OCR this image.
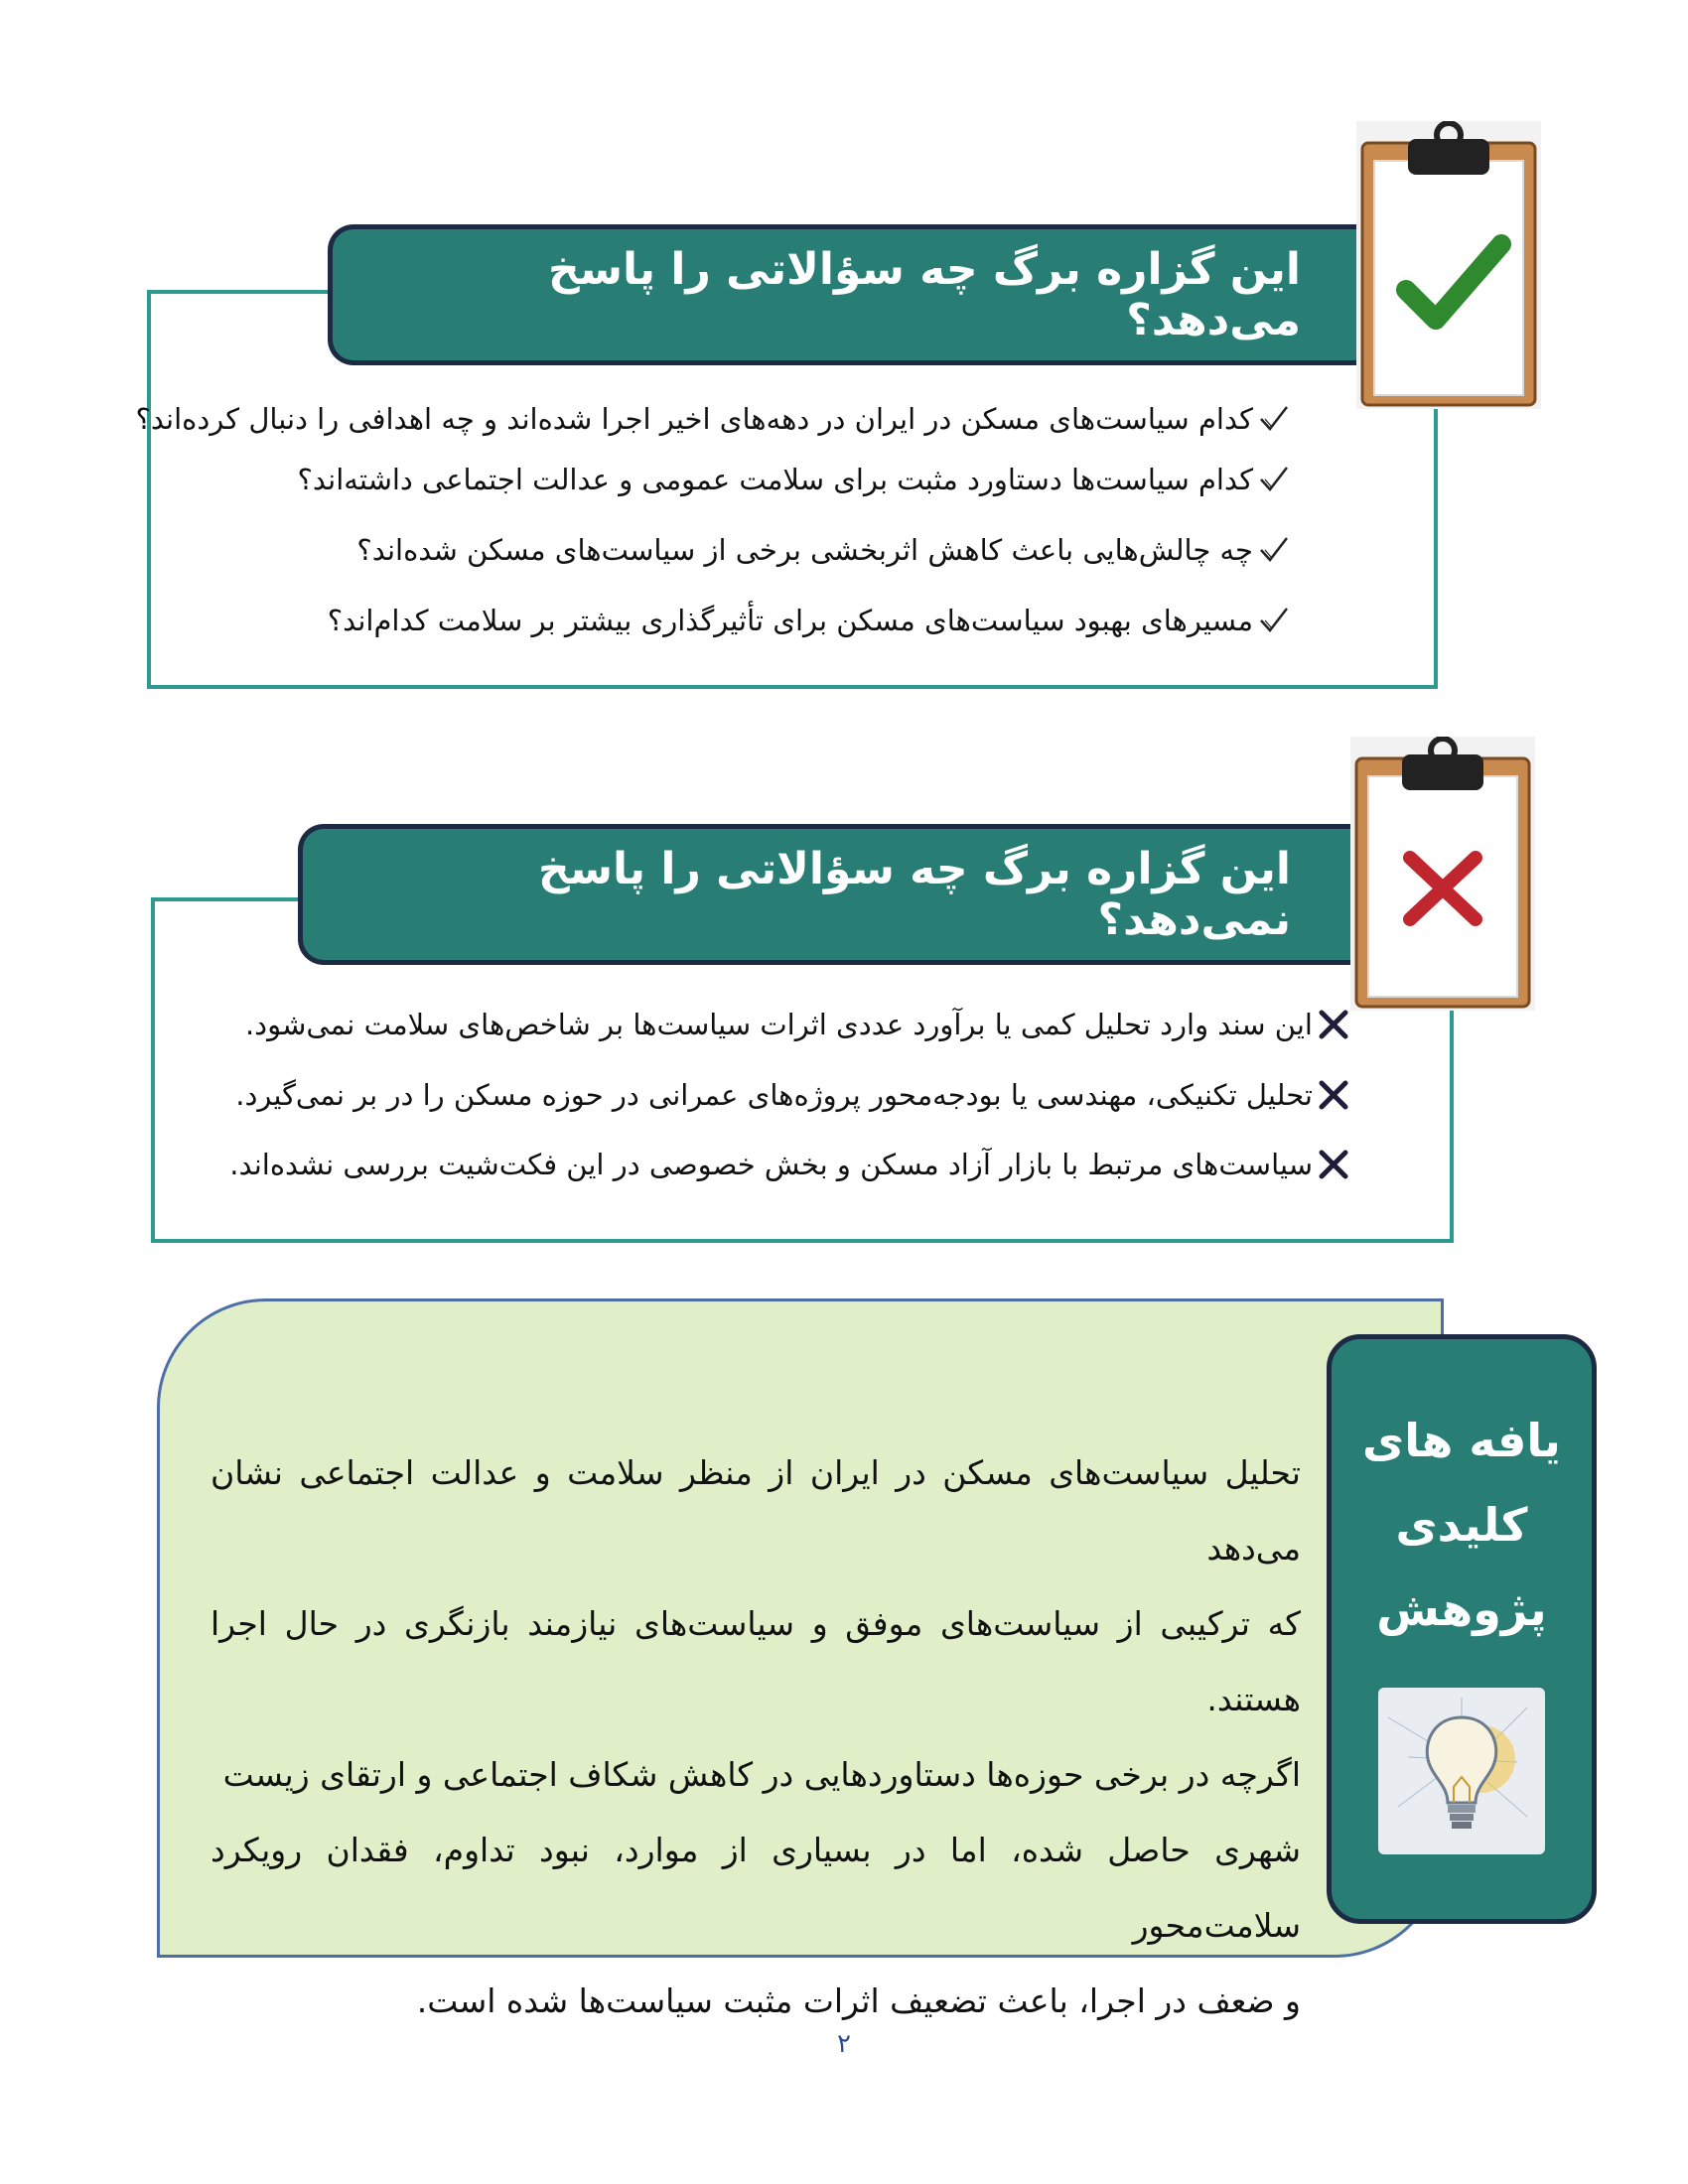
این گزاره برگ چه سؤالاتی را پاسخ می‌دهد؟
کدام سیاست‌های مسکن در ایران در دهه‌های اخیر اجرا شده‌اند و چه اهدافی را دنبال کرده‌اند؟
کدام سیاست‌ها دستاورد مثبت برای سلامت عمومی و عدالت اجتماعی داشته‌اند؟
چه چالش‌هایی باعث کاهش اثربخشی برخی از سیاست‌های مسکن شده‌اند؟
مسیرهای بهبود سیاست‌های مسکن برای تأثیرگذاری بیشتر بر سلامت کدام‌اند؟
این گزاره برگ چه سؤالاتی را پاسخ نمی‌دهد؟
این سند وارد تحلیل کمی یا برآورد عددی اثرات سیاست‌ها بر شاخص‌های سلامت نمی‌شود.
تحلیل تکنیکی، مهندسی یا بودجه‌محور پروژه‌های عمرانی در حوزه مسکن را در بر نمی‌گیرد.
سیاست‌های مرتبط با بازار آزاد مسکن و بخش خصوصی در این فکت‌شیت بررسی نشده‌اند.

تحلیل سیاست‌های مسکن در ایران از منظر سلامت و عدالت اجتماعی نشان می‌دهد

که ترکیبی از سیاست‌های موفق و سیاست‌های نیازمند بازنگری در حال اجرا هستند.

اگرچه در برخی حوزه‌ها دستاوردهایی در کاهش شکاف اجتماعی و ارتقای زیست

شهری حاصل شده، اما در بسیاری از موارد، نبود تداوم، فقدان رویکرد سلامت‌محور

و ضعف در اجرا، باعث تضعیف اثرات مثبت سیاست‌ها شده است.

یافه های
کلیدی
پژوهش
۲
